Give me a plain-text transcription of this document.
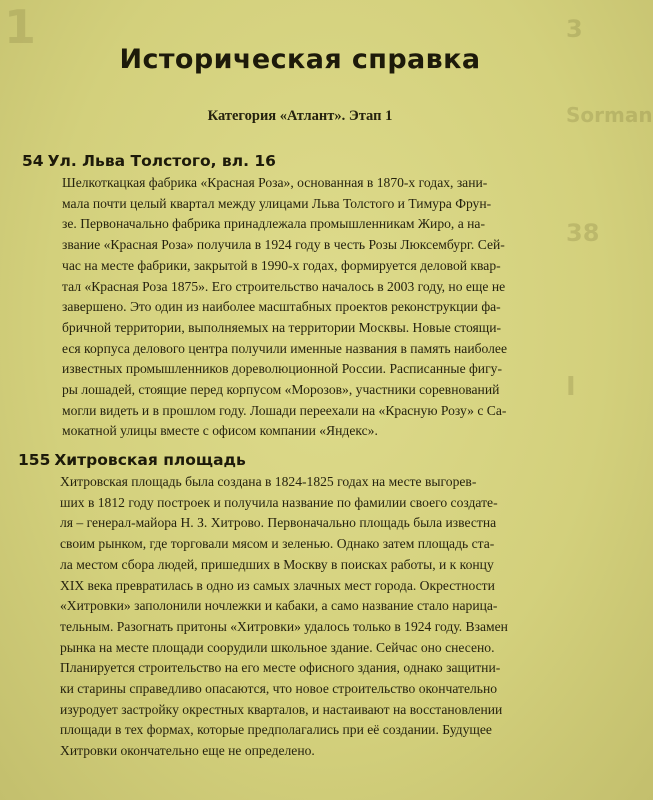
1	3
Sorman
38
I
Историческая справка
Категория «Атлант». Этап 1
54 Ул. Льва Толстого, вл. 16
Шелкоткацкая фабрика «Красная Роза», основанная в 1870-х годах, зани-
мала почти целый квартал между улицами Льва Толстого и Тимура Фрун-
зе. Первоначально фабрика принадлежала промышленникам Жиро, а на-
звание «Красная Роза» получила в 1924 году в честь Розы Люксембург. Сей-
час на месте фабрики, закрытой в 1990-х годах, формируется деловой квар-
тал «Красная Роза 1875». Его строительство началось в 2003 году, но еще не
завершено. Это один из наиболее масштабных проектов реконструкции фа-
бричной территории, выполняемых на территории Москвы. Новые стоящи-
еся корпуса делового центра получили именные названия в память наиболее
известных промышленников дореволюционной России. Расписанные фигу-
ры лошадей, стоящие перед корпусом «Морозов», участники соревнований
могли видеть и в прошлом году. Лошади переехали на «Красную Розу» с Са-
мокатной улицы вместе с офисом компании «Яндекс».
155 Хитровская площадь
Хитровская площадь была создана в 1824-1825 годах на месте выгорев-
ших в 1812 году построек и получила название по фамилии своего создате-
ля – генерал-майора Н. З. Хитрово. Первоначально площадь была известна
своим рынком, где торговали мясом и зеленью. Однако затем площадь ста-
ла местом сбора людей, пришедших в Москву в поисках работы, и к концу
XIX века превратилась в одно из самых злачных мест города. Окрестности
«Хитровки» заполонили ночлежки и кабаки, а само название стало нарица-
тельным. Разогнать притоны «Хитровки» удалось только в 1924 году. Взамен
рынка на месте площади соорудили школьное здание. Сейчас оно снесено.
Планируется строительство на его месте офисного здания, однако защитни-
ки старины справедливо опасаются, что новое строительство окончательно
изуродует застройку окрестных кварталов, и настаивают на восстановлении
площади в тех формах, которые предполагались при её создании. Будущее
Хитровки окончательно еще не определено.
